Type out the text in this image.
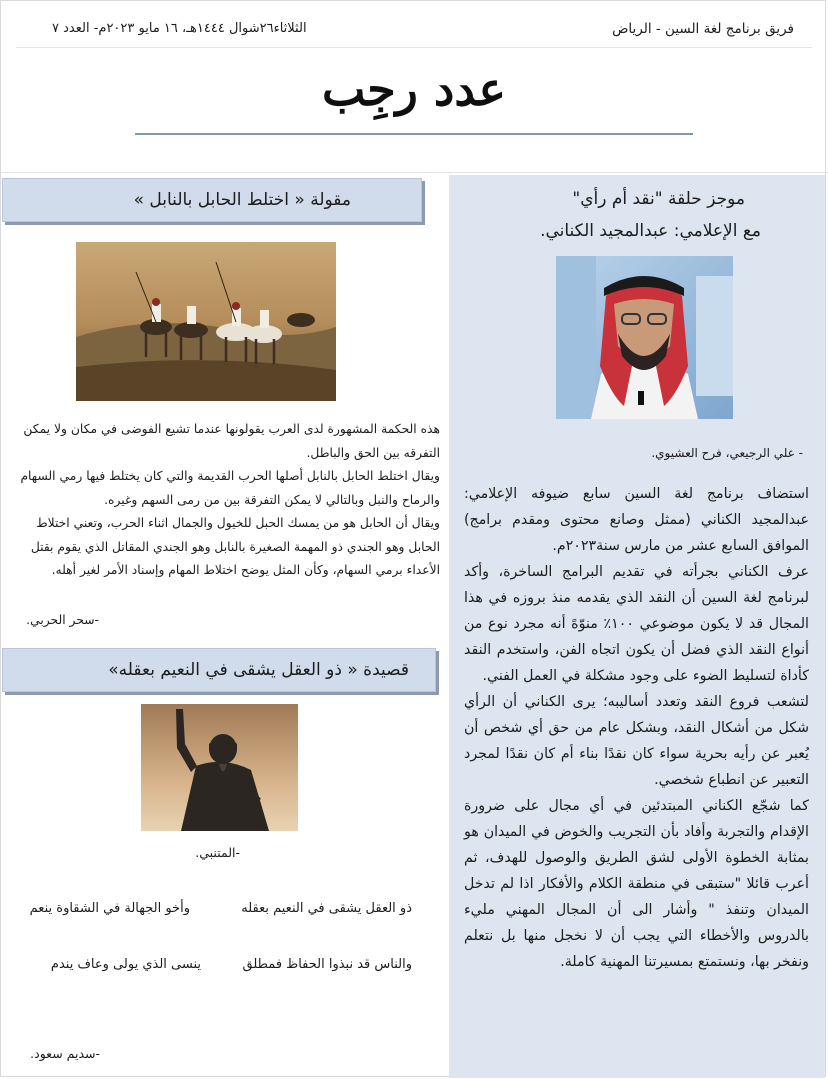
فريق برنامج لغة السين - الرياض
الثلاثاء٢٦شوال ١٤٤٤هـ، ١٦ مايو ٢٠٢٣م- العدد ٧
عدد رجِب
موجز حلقة "نقد أم رأي"
مع الإعلامي: عبدالمجيد الكناني.
- علي الرجيعي، فرح العشيوي.

استضاف برنامج لغة السين سابع ضيوفه الإعلامي: عبدالمجيد الكناني (ممثل وصانع محتوى ومقدم برامج) الموافق السابع عشر من مارس سنة٢٠٢٣م.

عرف الكناني بجرأته في تقديم البرامج الساخرة، وأكد لبرنامج لغة السين أن النقد الذي يقدمه منذ بروزه في هذا المجال قد لا يكون موضوعي ١٠٠٪ منوّهً أنه مجرد نوع من أنواع النقد الذي فضل أن يكون اتجاه الفن، واستخدم النقد كأداة لتسليط الضوء على وجود مشكلة في العمل الفني.

لتشعب فروع النقد وتعدد أساليبه؛ يرى الكناني أن الرأي شكل من أشكال النقد، وبشكل عام من حق أي شخص أن يُعبر عن رأيه بحرية سواء كان نقدًا بناء أم كان نقدًا لمجرد التعبير عن انطباع شخصي.

كما شجّع الكناني المبتدئين في أي مجال على ضرورة الإقدام والتجربة وأفاد بأن التجريب والخوض في الميدان هو بمثابة الخطوة الأولى لشق الطريق والوصول للهدف، ثم أعرب قائلا "ستبقى في منطقة الكلام والأفكار اذا لم تدخل الميدان وتنفذ " وأشار الى أن المجال المهني مليء بالدروس والأخطاء التي يجب أن لا نخجل منها بل نتعلم ونفخر بها، ونستمتع بمسيرتنا المهنية كاملة.

مقولة « اختلط الحابل بالنابل »

هذه الحكمة المشهورة لدى العرب يقولونها عندما تشيع الفوضى في مكان ولا يمكن التفرقه بين الحق والباطل.

ويقال اختلط الحابل بالنابل أصلها الحرب القديمة والتي كان يختلط فيها رمي السهام والرماح والنبل وبالتالي لا يمكن التفرقة بين من رمى السهم وغيره.

ويقال أن الحابل هو من يمسك الحبل للخيول والجمال اثناء الحرب، وتعني اختلاط الحابل وهو الجندي ذو المهمة الصغيرة بالنابل وهو الجندي المقاتل الذي يقوم بقتل الأعداء برمي السهام، وكأن المثل يوضح اختلاط المهام وإسناد الأمر لغير أهله.

-سحر الحربي.
قصيدة « ذو العقل يشقى في النعيم بعقله»
-المتنبي.
ذو العقل يشقى في النعيم بعقله
وأخو الجهالة في الشقاوة ينعم
والناس قد نبذوا الحفاظ فمطلق
ينسى الذي يولى وعاف يندم
-سديم سعود.
